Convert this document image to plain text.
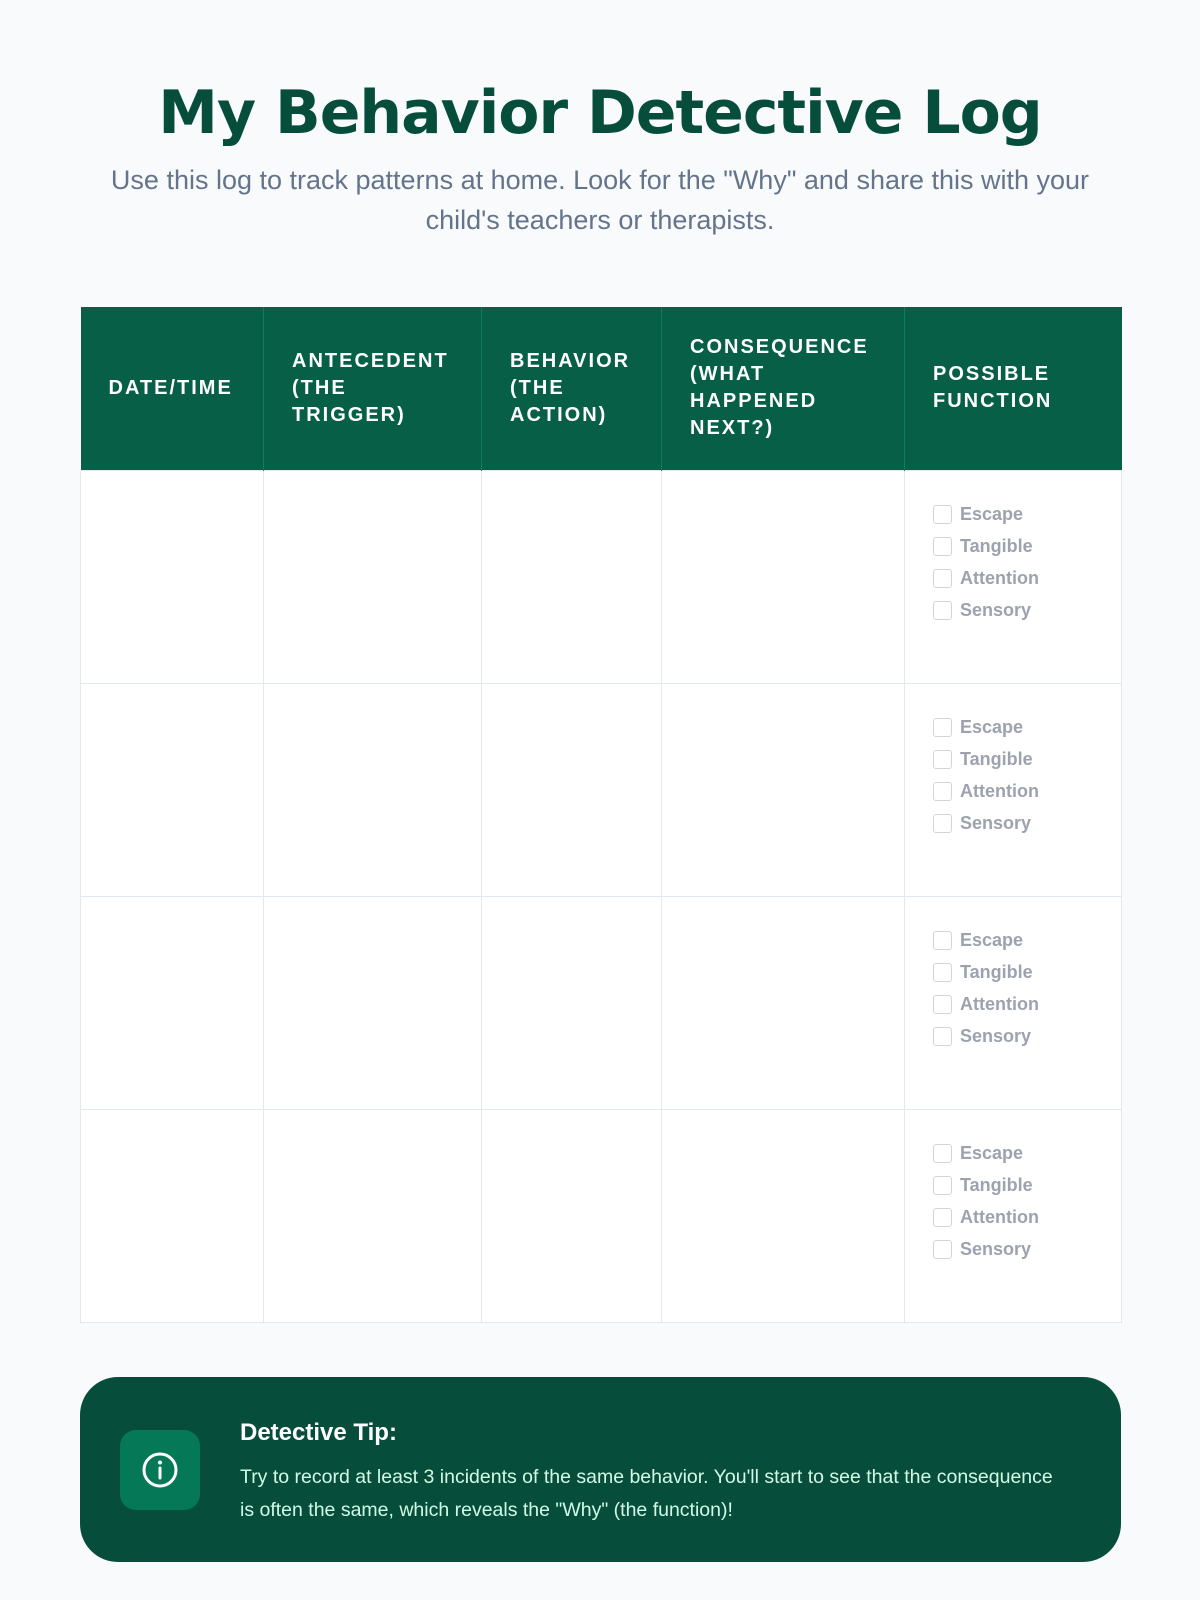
My Behavior Detective Log

Use this log to track patterns at home. Look for the "Why" and share this with your child's teachers or therapists.

DATE/TIME	ANTECEDENT (THE TRIGGER)	BEHAVIOR (THE ACTION)	CONSEQUENCE (WHAT HAPPENED NEXT?)	POSSIBLE FUNCTION

				Escape
Tangible
Attention
Sensory

				Escape
Tangible
Attention
Sensory

				Escape
Tangible
Attention
Sensory

				Escape
Tangible
Attention
Sensory
Detective Tip:
Try to record at least 3 incidents of the same behavior. You'll start to see that the consequence is often the same, which reveals the "Why" (the function)!
